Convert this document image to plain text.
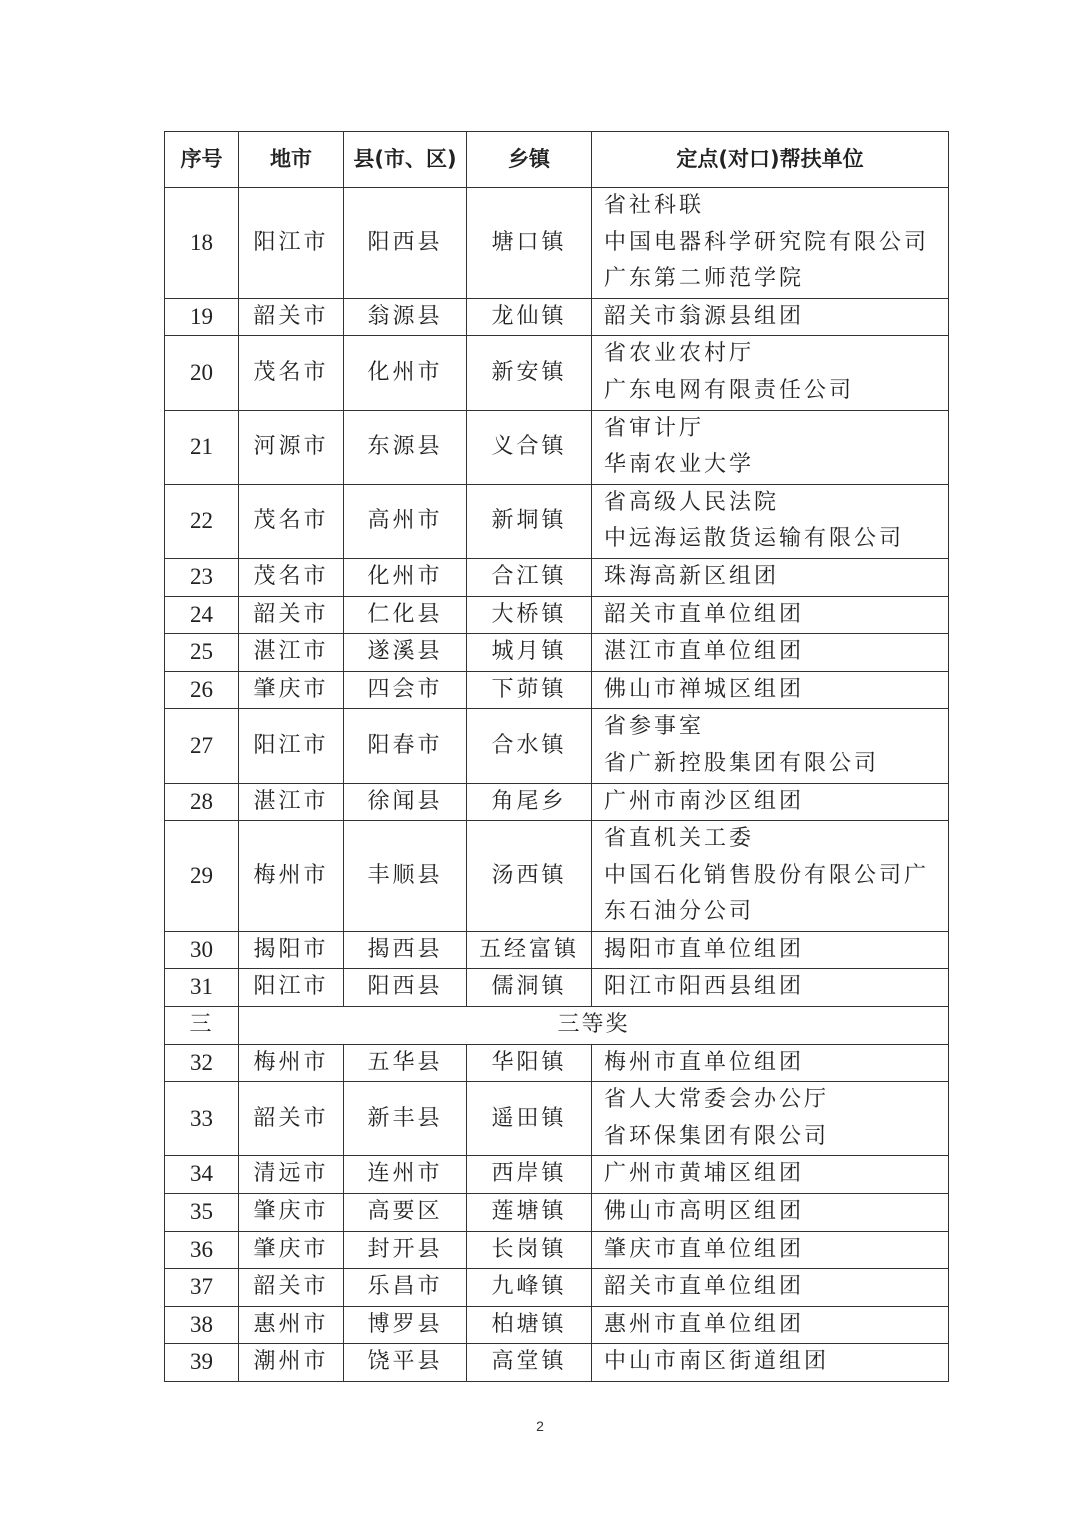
序号	地市	县(市、区)	乡镇	定点(对口)帮扶单位
18	阳江市	阳西县	塘口镇	省社科联
中国电器科学研究院有限公司
广东第二师范学院

19	韶关市	翁源县	龙仙镇	韶关市翁源县组团

20	茂名市	化州市	新安镇	省农业农村厅
广东电网有限责任公司

21	河源市	东源县	义合镇	省审计厅
华南农业大学

22	茂名市	高州市	新垌镇	省高级人民法院
中远海运散货运输有限公司

23	茂名市	化州市	合江镇	珠海高新区组团

24	韶关市	仁化县	大桥镇	韶关市直单位组团

25	湛江市	遂溪县	城月镇	湛江市直单位组团

26	肇庆市	四会市	下茆镇	佛山市禅城区组团

27	阳江市	阳春市	合水镇	省参事室
省广新控股集团有限公司

28	湛江市	徐闻县	角尾乡	广州市南沙区组团

29	梅州市	丰顺县	汤西镇	省直机关工委
中国石化销售股份有限公司广
东石油分公司

30	揭阳市	揭西县	五经富镇	揭阳市直单位组团

31	阳江市	阳西县	儒洞镇	阳江市阳西县组团

三	三等奖			
32	梅州市	五华县	华阳镇	梅州市直单位组团

33	韶关市	新丰县	遥田镇	省人大常委会办公厅
省环保集团有限公司

34	清远市	连州市	西岸镇	广州市黄埔区组团

35	肇庆市	高要区	莲塘镇	佛山市高明区组团

36	肇庆市	封开县	长岗镇	肇庆市直单位组团

37	韶关市	乐昌市	九峰镇	韶关市直单位组团

38	惠州市	博罗县	柏塘镇	惠州市直单位组团

39	潮州市	饶平县	高堂镇	中山市南区街道组团
2
